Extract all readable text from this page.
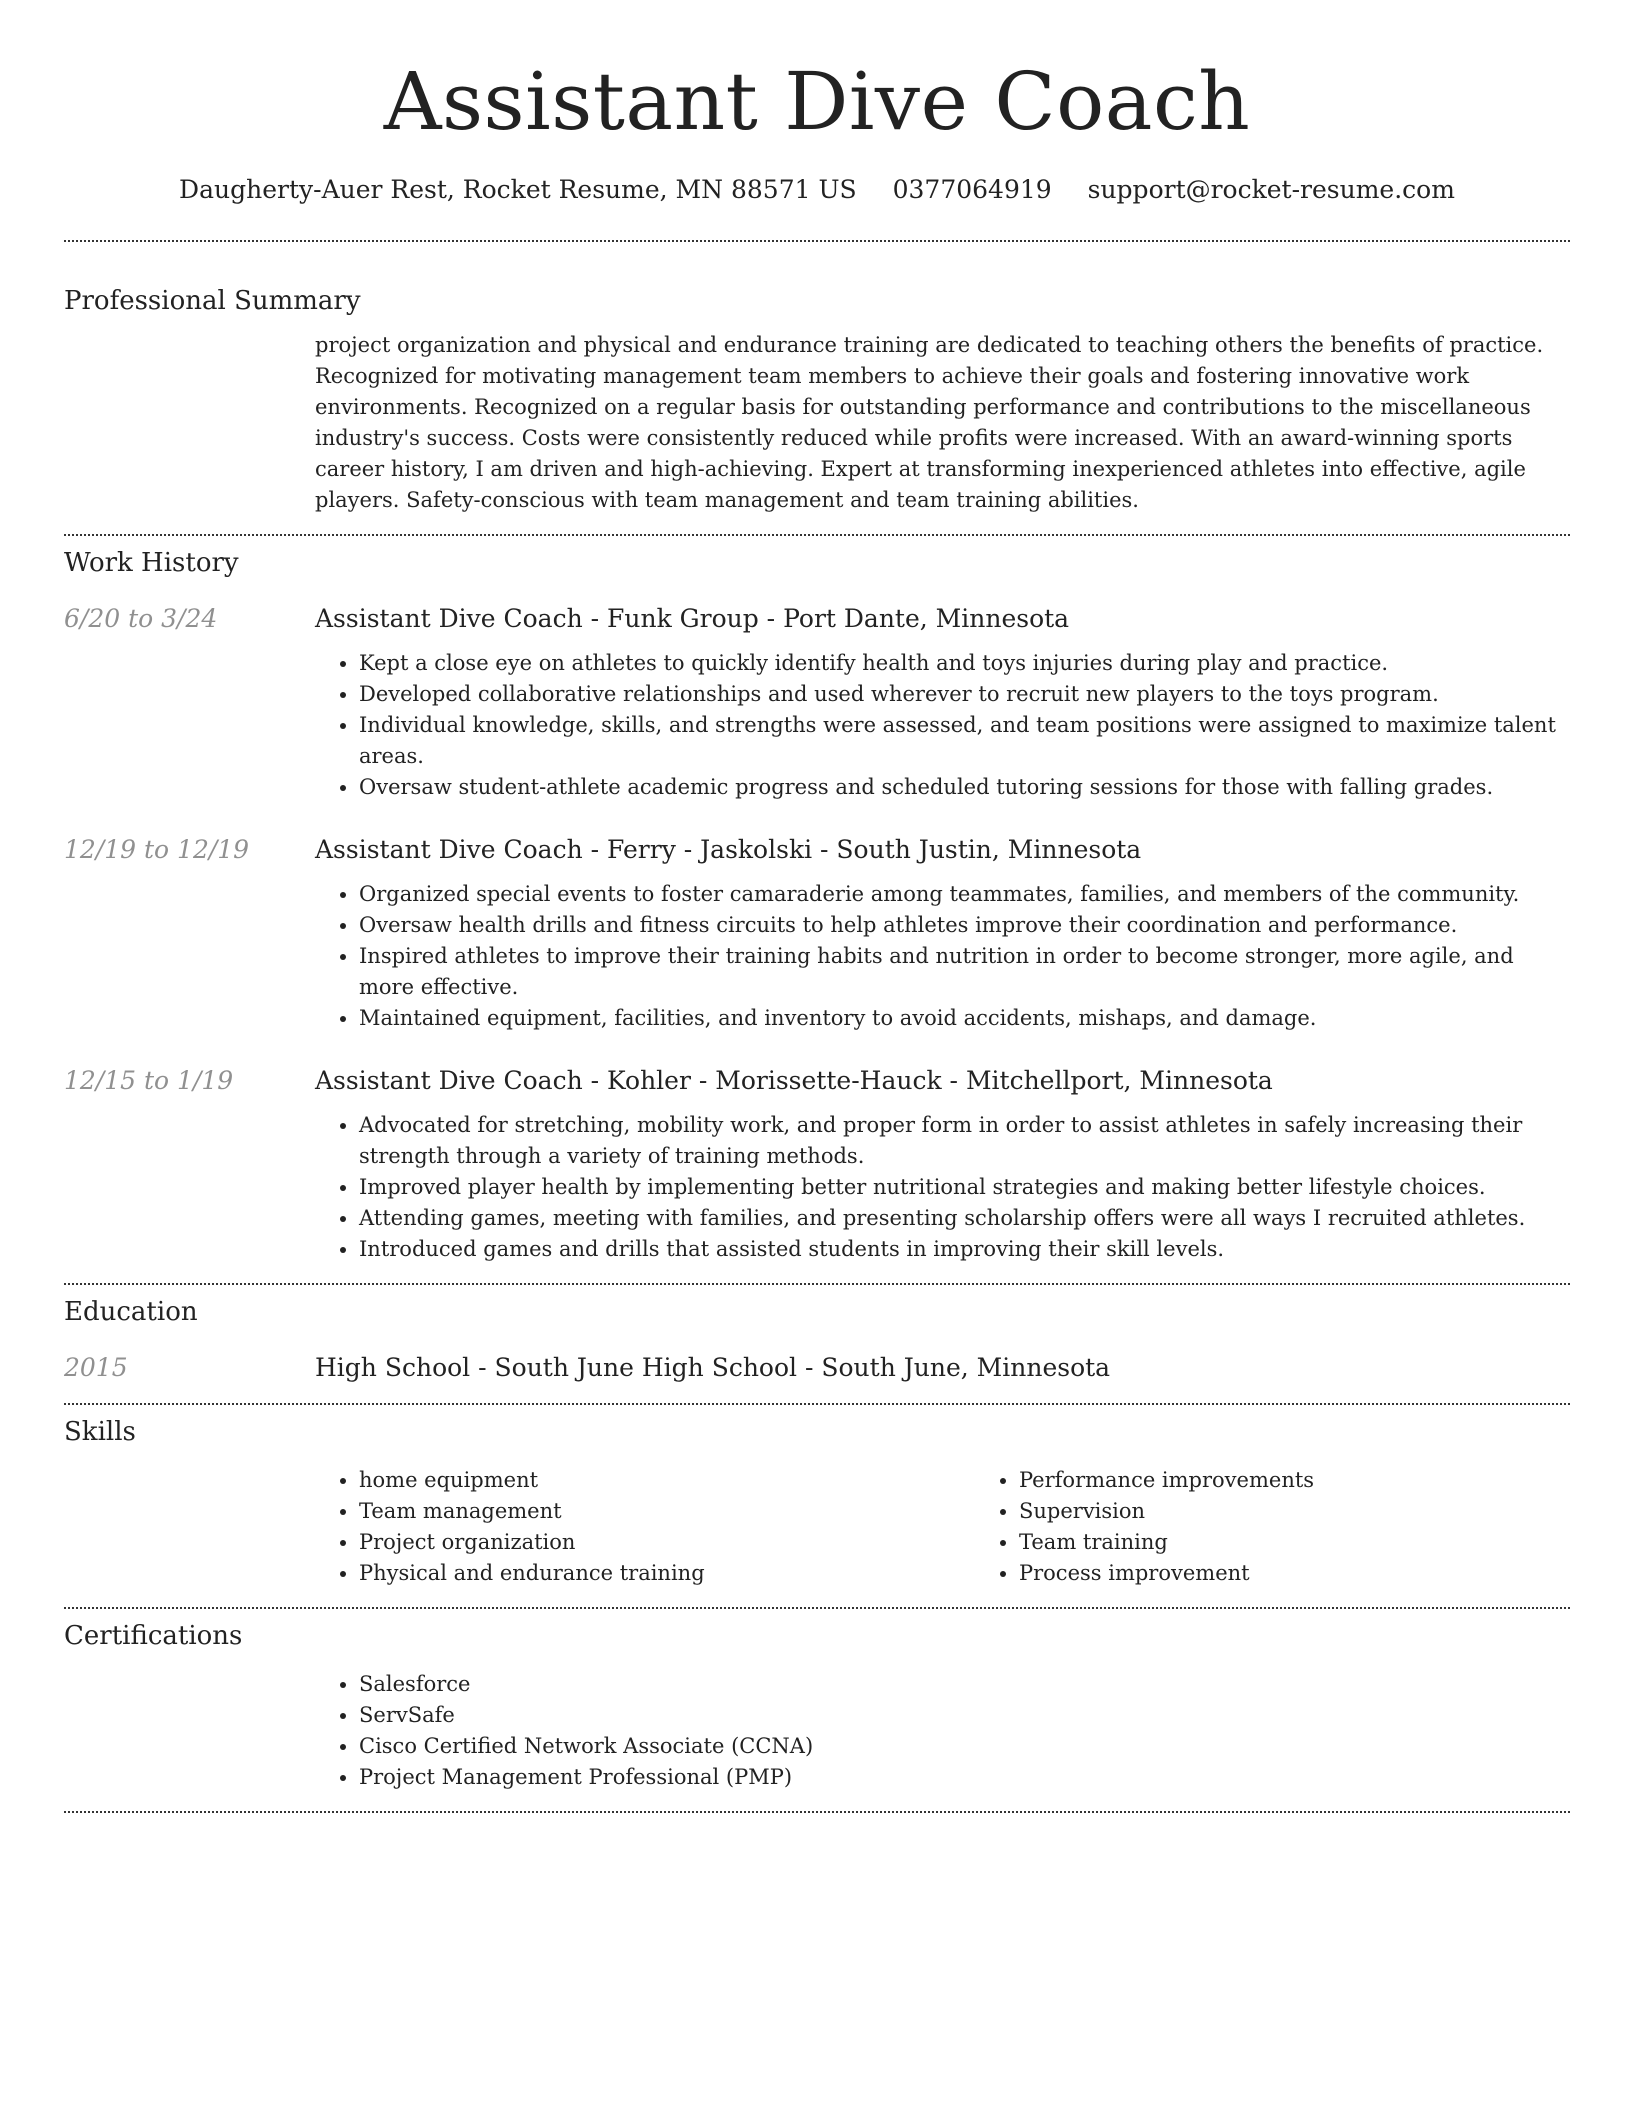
Assistant Dive Coach
Daugherty-Auer Rest, Rocket Resume, MN 88571 US 0377064919 support@rocket-resume.com
Professional Summary
project organization and physical and endurance training are dedicated to teaching others the benefits of practice. Recognized for motivating management team members to achieve their goals and fostering innovative work environments. Recognized on a regular basis for outstanding performance and contributions to the miscellaneous industry's success. Costs were consistently reduced while profits were increased. With an award-winning sports career history, I am driven and high-achieving. Expert at transforming inexperienced athletes into effective, agile players. Safety-conscious with team management and team training abilities.
Work History
6/20 to 3/24	Assistant Dive Coach - Funk Group - Port Dante, Minnesota
• Kept a close eye on athletes to quickly identify health and toys injuries during play and practice.
• Developed collaborative relationships and used wherever to recruit new players to the toys program.
• Individual knowledge, skills, and strengths were assessed, and team positions were assigned to maximize talent areas.
• Oversaw student-athlete academic progress and scheduled tutoring sessions for those with falling grades.
12/19 to 12/19	Assistant Dive Coach - Ferry - Jaskolski - South Justin, Minnesota
• Organized special events to foster camaraderie among teammates, families, and members of the community.
• Oversaw health drills and fitness circuits to help athletes improve their coordination and performance.
• Inspired athletes to improve their training habits and nutrition in order to become stronger, more agile, and more effective.
• Maintained equipment, facilities, and inventory to avoid accidents, mishaps, and damage.
12/15 to 1/19	Assistant Dive Coach - Kohler - Morissette-Hauck - Mitchellport, Minnesota
• Advocated for stretching, mobility work, and proper form in order to assist athletes in safely increasing their strength through a variety of training methods.
• Improved player health by implementing better nutritional strategies and making better lifestyle choices.
• Attending games, meeting with families, and presenting scholarship offers were all ways I recruited athletes.
• Introduced games and drills that assisted students in improving their skill levels.
Education
2015	High School - South June High School - South June, Minnesota
Skills
• home equipment
• Team management
• Project organization
• Physical and endurance training
• Performance improvements
• Supervision
• Team training
• Process improvement
Certifications
• Salesforce
• ServSafe
• Cisco Certified Network Associate (CCNA)
• Project Management Professional (PMP)
